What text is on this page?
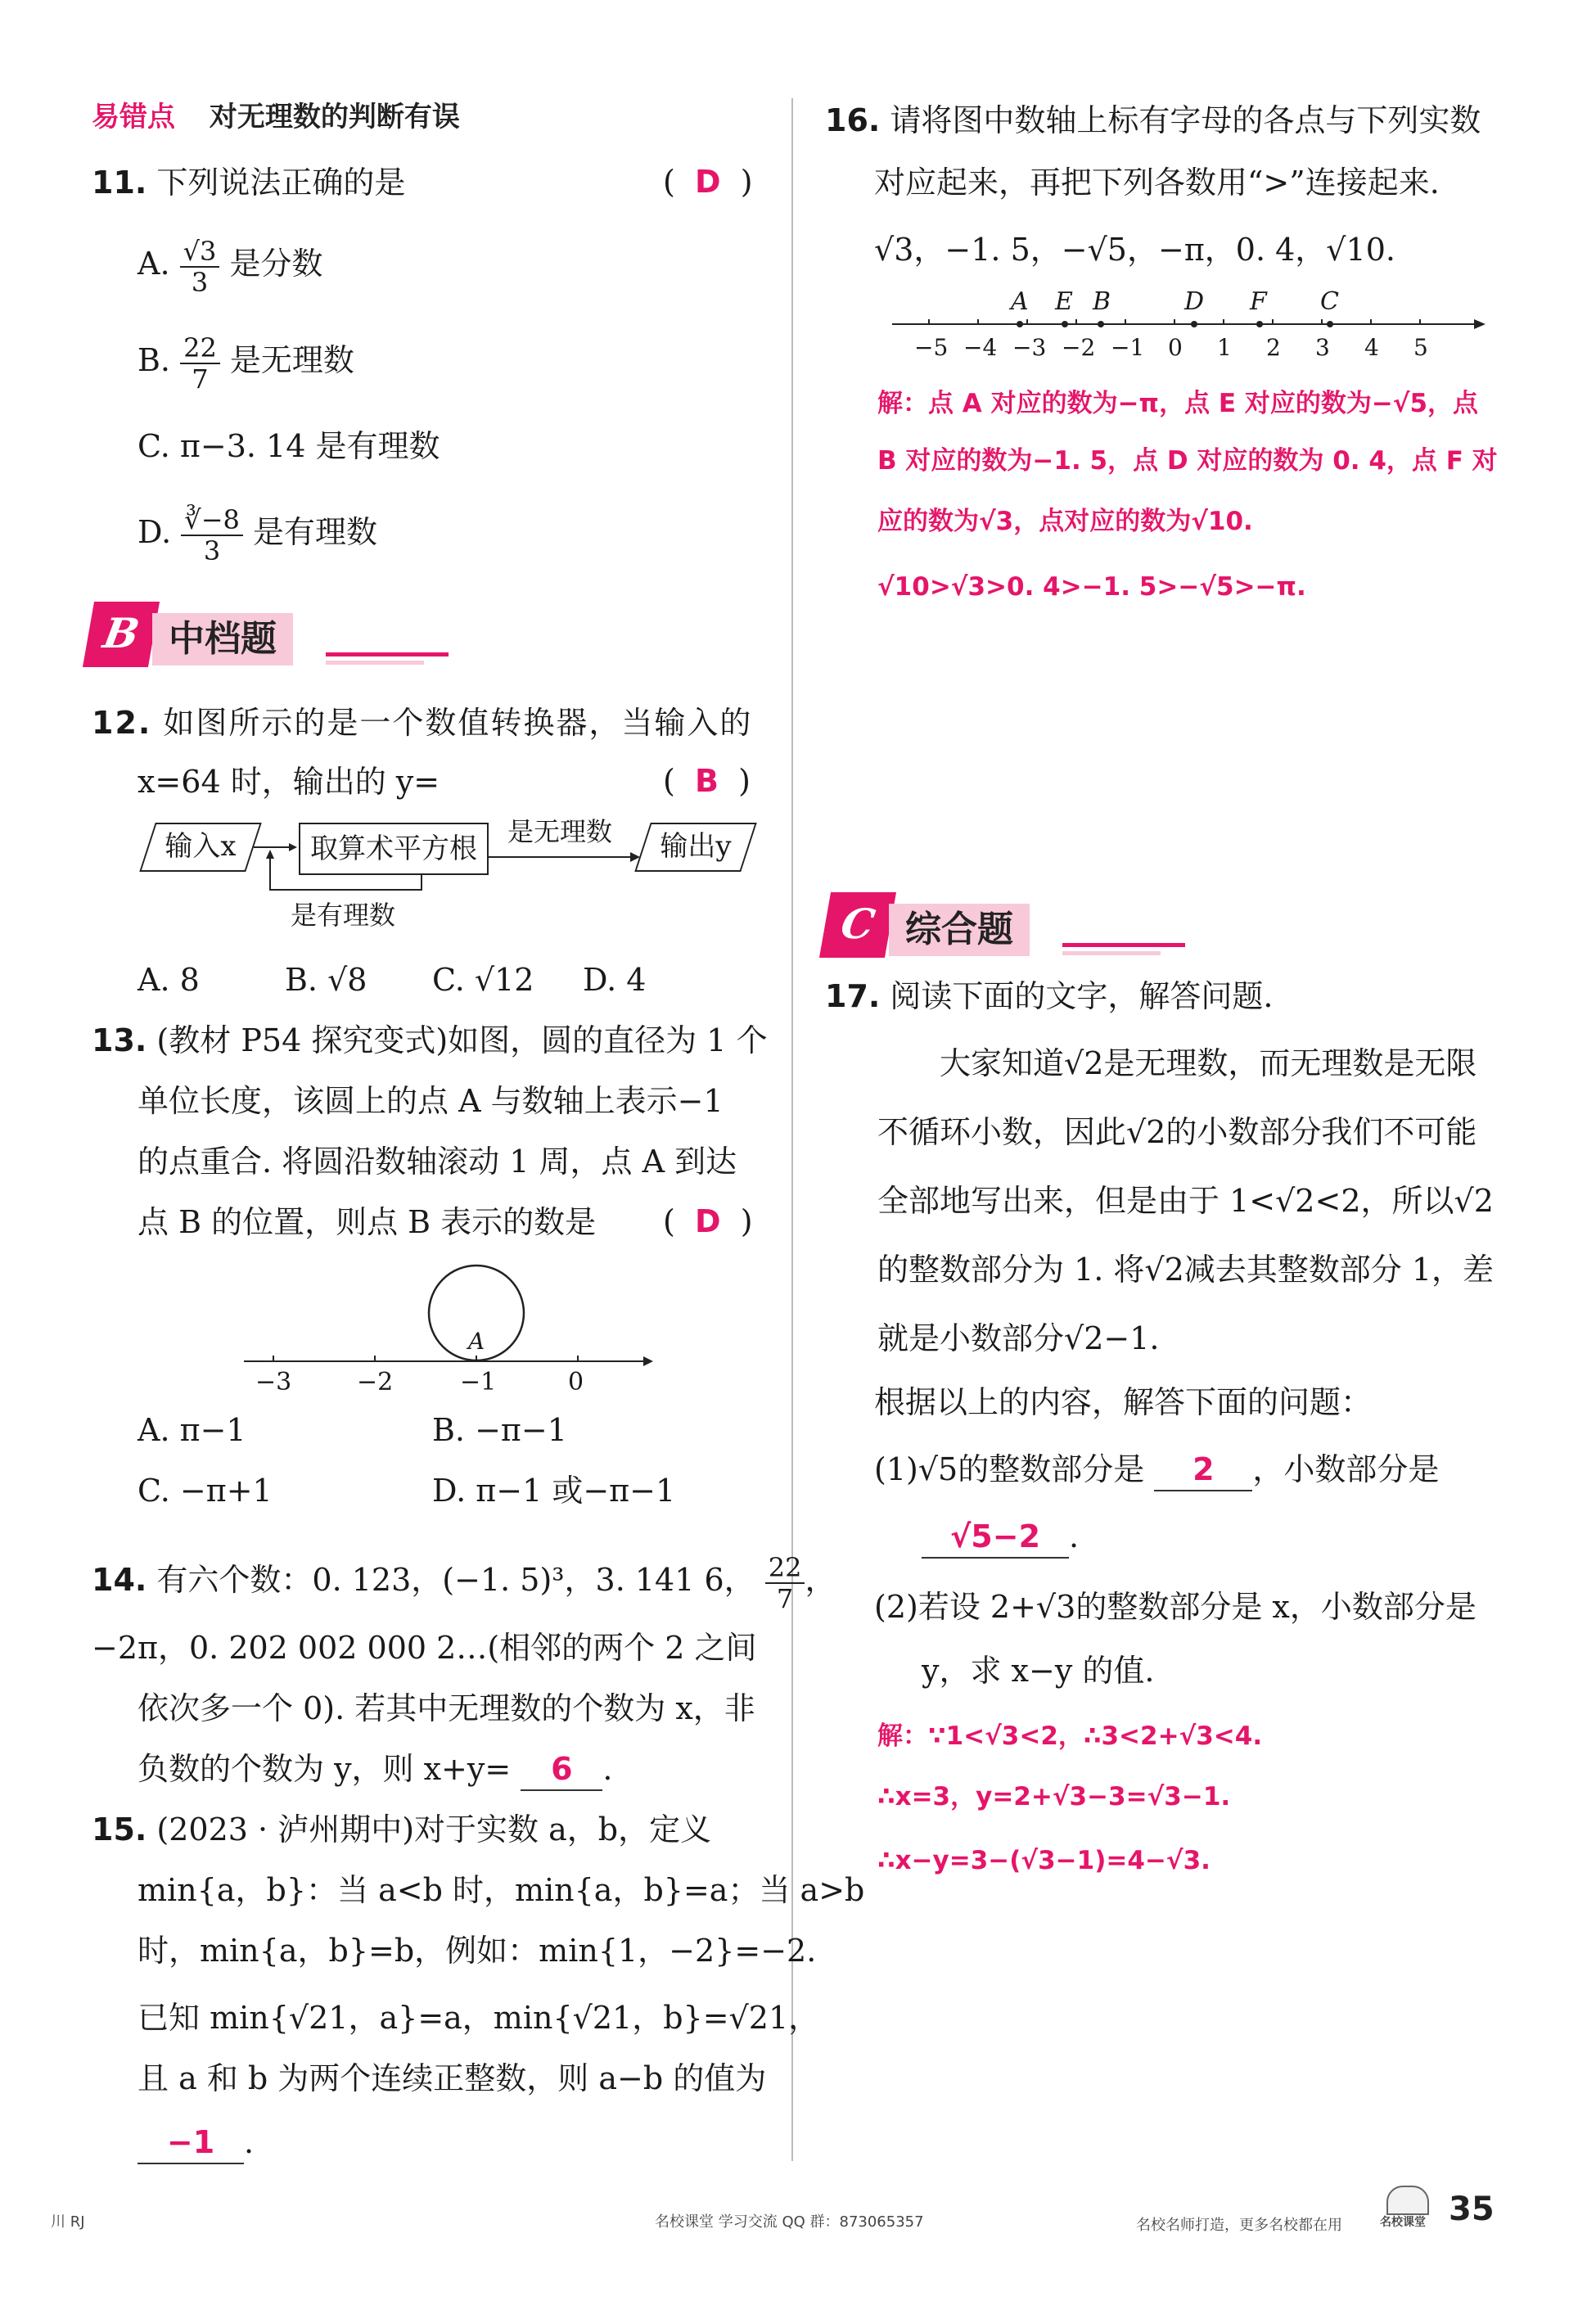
易错点 对无理数的判断有误
11. 下列说法正确的是	(  D  )
A. $\frac{√3}{3}$ 是分数
B. $\frac{22}{7}$ 是无理数
C. π−3. 14 是有理数
D. $\frac{∛-8}{3}$ 是有理数
B 中档题
12. 如图所示的是一个数值转换器，当输入的
x=64 时，输出的 y=	(  B  )
输入x	取算术平方根
是无理数	输出y
是有理数
A. 8	B. √8 C. √12 D. 4
13. (教材 P54 探究变式)如图，圆的直径为 1 个
单位长度，该圆上的点 A 与数轴上表示−1
的点重合. 将圆沿数轴滚动 1 周，点 A 到达
点 B 的位置，则点 B 表示的数是 (  D  )
A
−3	−2	−1	0
A. π−1	B. −π−1
C. −π+1	D. π−1 或−π−1
14. 有六个数：0. 123，(−1. 5)³，3. 141 6， $\frac{22}{7}$ ，
−2π，0. 202 002 000 2…(相邻的两个 2 之间
依次多一个 0). 若其中无理数的个数为 x，非
负数的个数为 y，则 x+y= 6 .
15. (2023 · 泸州期中)对于实数 a，b，定义
min{a，b}：当 a<b 时，min{a，b}=a；当 a>b
时，min{a，b}=b，例如：min{1，−2}=−2.
已知 min{√21，a}=a，min{√21，b}=√21，
且 a 和 b 为两个连续正整数，则 a−b 的值为
−1 .
16. 请将图中数轴上标有字母的各点与下列实数
对应起来，再把下列各数用“>”连接起来.
√3，−1. 5，−√5，−π，0. 4，√10.
A E B	D F C
−5 −4 −3 −2 −1 0 1 2 3 4 5
解：点 A 对应的数为−π，点 E 对应的数为−√5，点
B 对应的数为−1. 5，点 D 对应的数为 0. 4，点 F 对
应的数为√3，点对应的数为√10.
√10>√3>0. 4>−1. 5>−√5>−π.
C 综合题
17. 阅读下面的文字，解答问题.
大家知道√2是无理数，而无理数是无限
不循环小数，因此√2的小数部分我们不可能
全部地写出来，但是由于 1<√2<2，所以√2
的整数部分为 1. 将√2减去其整数部分 1，差
就是小数部分√2−1.
根据以上的内容，解答下面的问题：
(1)√5的整数部分是 2 ，小数部分是
√5−2 .
(2)若设 2+√3的整数部分是 x，小数部分是
y，求 x−y 的值.
解：∵1<√3<2，∴3<2+√3<4.
∴x=3，y=2+√3−3=√3−1.
∴x−y=3−(√3−1)=4−√3.
川 RJ	名校课堂 学习交流 QQ 群：873065357	名校名师打造，更多名校都在用	名校课堂 35
